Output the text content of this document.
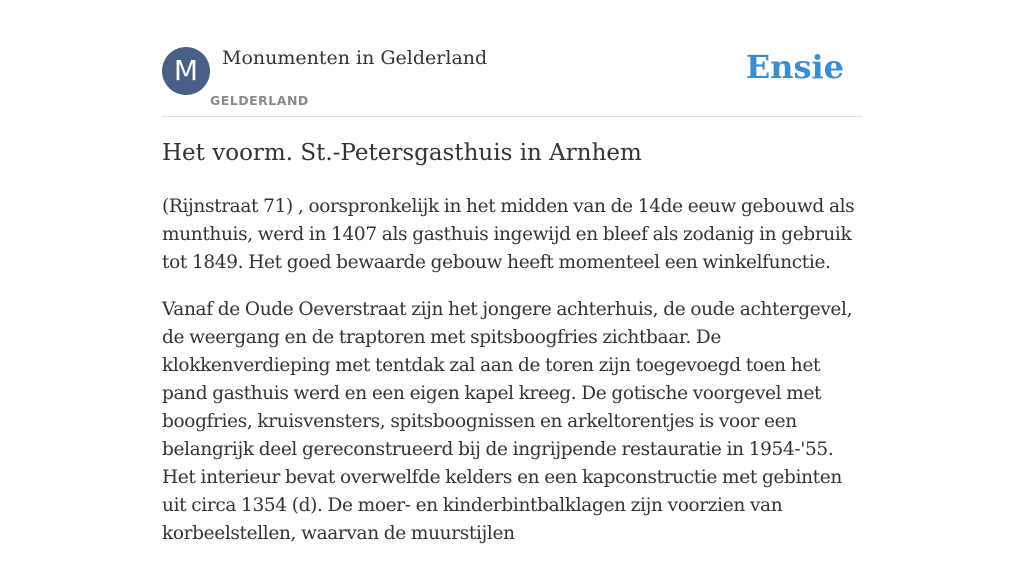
M	Monumenten in Gelderland
GELDERLAND
Ensie
Het voorm. St.-Petersgasthuis in Arnhem

(Rijnstraat 71) , oorspronkelijk in het midden van de 14de eeuw gebouwd als munthuis, werd in 1407 als gasthuis ingewijd en bleef als zodanig in gebruik tot 1849. Het goed bewaarde gebouw heeft momenteel een winkelfunctie.

Vanaf de Oude Oeverstraat zijn het jongere achterhuis, de oude achtergevel, de weergang en de traptoren met spitsboogfries zichtbaar. De klokkenverdieping met tentdak zal aan de toren zijn toegevoegd toen het pand gasthuis werd en een eigen kapel kreeg. De gotische voorgevel met boogfries, kruisvensters, spitsboognissen en arkeltorentjes is voor een belangrijk deel gereconstrueerd bij de ingrijpende restauratie in 1954-'55. Het interieur bevat overwelfde kelders en een kapconstructie met gebinten uit circa 1354 (d). De moer- en kinderbintbalklagen zijn voorzien van korbeelstellen, waarvan de muurstijlen
